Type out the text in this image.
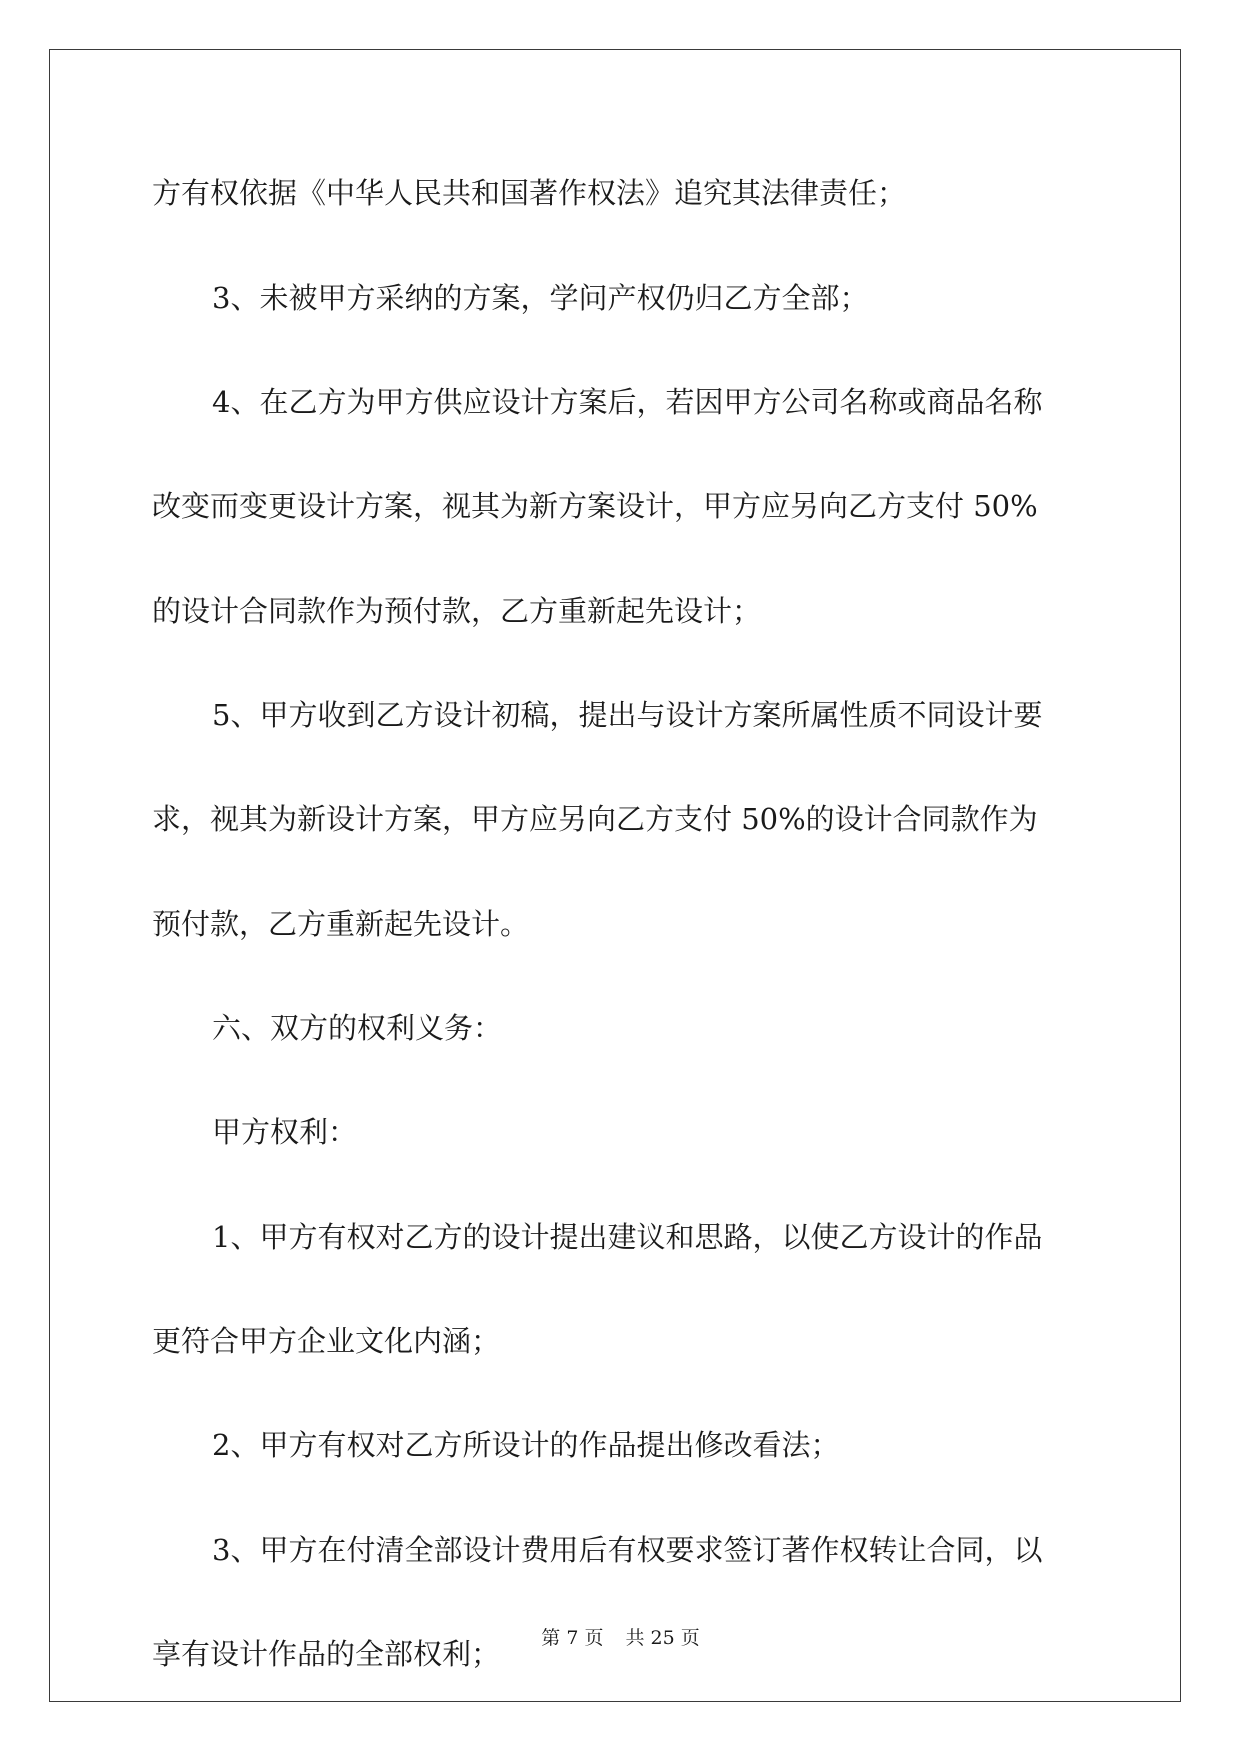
方有权依据《中华人民共和国著作权法》追究其法律责任；
3、未被甲方采纳的方案，学问产权仍归乙方全部；
4、在乙方为甲方供应设计方案后，若因甲方公司名称或商品名称
改变而变更设计方案，视其为新方案设计，甲方应另向乙方支付 50%
的设计合同款作为预付款，乙方重新起先设计；
5、甲方收到乙方设计初稿，提出与设计方案所属性质不同设计要
求，视其为新设计方案，甲方应另向乙方支付 50%的设计合同款作为
预付款，乙方重新起先设计。
六、双方的权利义务：
甲方权利：
1、甲方有权对乙方的设计提出建议和思路，以使乙方设计的作品
更符合甲方企业文化内涵；
2、甲方有权对乙方所设计的作品提出修改看法；
3、甲方在付清全部设计费用后有权要求签订著作权转让合同，以
享有设计作品的全部权利；	第 7 页 共 25 页
